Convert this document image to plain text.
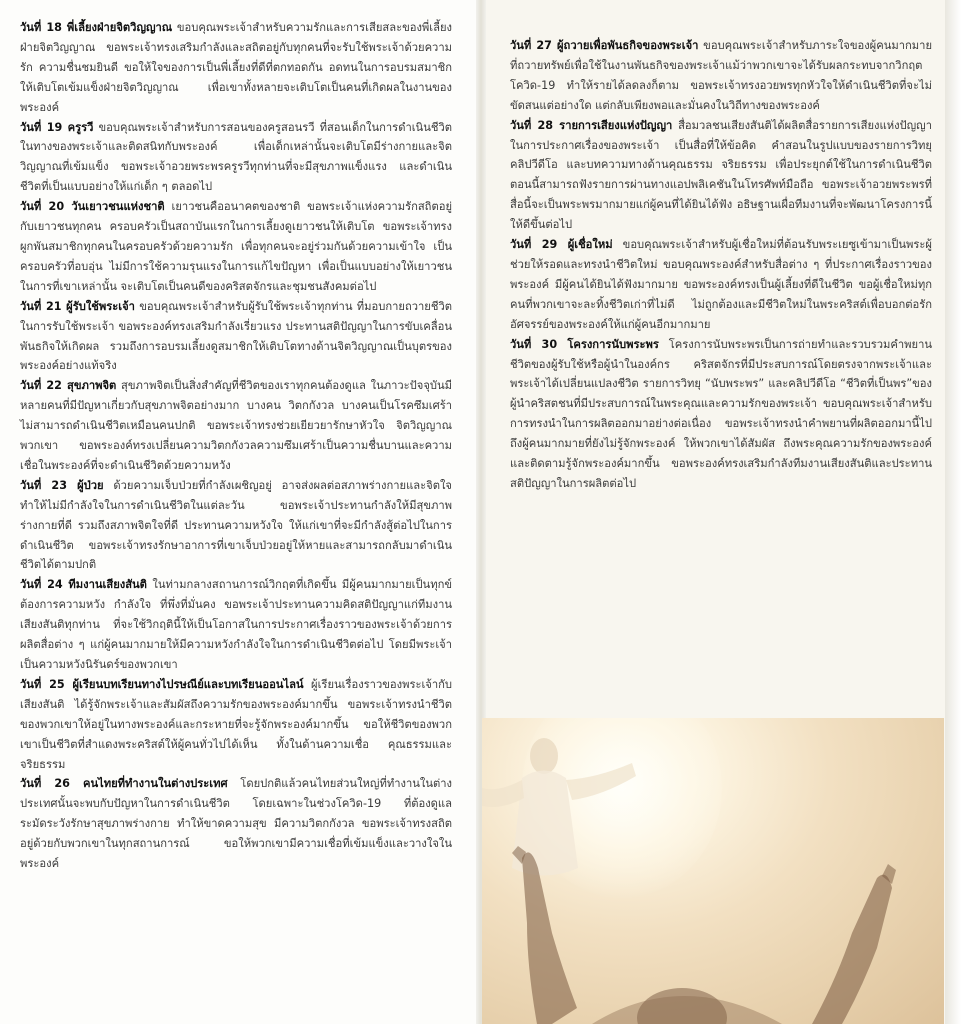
วันที่ 18 พี่เลี้ยงฝ่ายจิตวิญญาณ ขอบคุณพระเจ้าสำหรับความรักและการเสียสละของพี่เลี้ยงฝ่ายจิตวิญญาณ ขอพระเจ้าทรงเสริมกำลังและสถิตอยู่กับทุกคนที่จะรับใช้พระเจ้าด้วยความรัก ความชื่นชมยินดี ขอให้ใจของการเป็นพี่เลี้ยงที่ดีที่ตกทอดกัน อดทนในการอบรมสมาชิกให้เติบโตเข้มแข็งฝ่ายจิตวิญญาณ เพื่อเขาทั้งหลายจะเติบโตเป็นคนที่เกิดผลในงานของพระองค์

วันที่ 19 ครูรวี ขอบคุณพระเจ้าสำหรับการสอนของครูสอนรวี ที่สอนเด็กในการดำเนินชีวิตในทางของพระเจ้าและติดสนิทกับพระองค์ เพื่อเด็กเหล่านั้นจะเติบโตมีร่างกายและจิตวิญญาณที่เข้มแข็ง ขอพระเจ้าอวยพระพรครูรวีทุกท่านที่จะมีสุขภาพแข็งแรง และดำเนินชีวิตที่เป็นแบบอย่างให้แก่เด็ก ๆ ตลอดไป

วันที่ 20 วันเยาวชนแห่งชาติ เยาวชนคืออนาคตของชาติ ขอพระเจ้าแห่งความรักสถิตอยู่กับเยาวชนทุกคน ครอบครัวเป็นสถาบันแรกในการเลี้ยงดูเยาวชนให้เติบโต ขอพระเจ้าทรงผูกพันสมาชิกทุกคนในครอบครัวด้วยความรัก เพื่อทุกคนจะอยู่ร่วมกันด้วยความเข้าใจ เป็นครอบครัวที่อบอุ่น ไม่มีการใช้ความรุนแรงในการแก้ไขปัญหา เพื่อเป็นแบบอย่างให้เยาวชน ในการที่เขาเหล่านั้น จะเติบโตเป็นคนดีของคริสตจักรและชุมชนสังคมต่อไป

วันที่ 21 ผู้รับใช้พระเจ้า ขอบคุณพระเจ้าสำหรับผู้รับใช้พระเจ้าทุกท่าน ที่มอบกายถวายชีวิตในการรับใช้พระเจ้า ขอพระองค์ทรงเสริมกำลังเรี่ยวแรง ประทานสติปัญญาในการขับเคลื่อนพันธกิจให้เกิดผล รวมถึงการอบรมเลี้ยงดูสมาชิกให้เติบโตทางด้านจิตวิญญาณเป็นบุตรของพระองค์อย่างแท้จริง

วันที่ 22 สุขภาพจิต สุขภาพจิตเป็นสิ่งสำคัญที่ชีวิตของเราทุกคนต้องดูแล ในภาวะปัจจุบันมีหลายคนที่มีปัญหาเกี่ยวกับสุขภาพจิตอย่างมาก บางคน วิตกกังวล บางคนเป็นโรคซึมเศร้า ไม่สามารถดำเนินชีวิตเหมือนคนปกติ ขอพระเจ้าทรงช่วยเยียวยารักษาหัวใจ จิตวิญญาณพวกเขา ขอพระองค์ทรงเปลี่ยนความวิตกกังวลความซึมเศร้าเป็นความชื่นบานและความเชื่อในพระองค์ที่จะดำเนินชีวิตด้วยความหวัง

วันที่ 23 ผู้ป่วย ด้วยความเจ็บป่วยที่กำลังเผชิญอยู่ อาจส่งผลต่อสภาพร่างกายและจิตใจ ทำให้ไม่มีกำลังใจในการดำเนินชีวิตในแต่ละวัน ขอพระเจ้าประทานกำลังให้มีสุขภาพร่างกายที่ดี รวมถึงสภาพจิตใจที่ดี ประทานความหวังใจ ให้แก่เขาที่จะมีกำลังสู้ต่อไปในการดำเนินชีวิต ขอพระเจ้าทรงรักษาอาการที่เขาเจ็บป่วยอยู่ให้หายและสามารถกลับมาดำเนินชีวิตได้ตามปกติ

วันที่ 24 ทีมงานเสียงสันติ ในท่ามกลางสถานการณ์วิกฤตที่เกิดขึ้น มีผู้คนมากมายเป็นทุกข์ต้องการความหวัง กำลังใจ ที่พึ่งที่มั่นคง ขอพระเจ้าประทานความคิดสติปัญญาแก่ทีมงานเสียงสันติทุกท่าน ที่จะใช้วิกฤตินี้ให้เป็นโอกาสในการประกาศเรื่องราวของพระเจ้าด้วยการผลิตสื่อต่าง ๆ แก่ผู้คนมากมายให้มีความหวังกำลังใจในการดำเนินชีวิตต่อไป โดยมีพระเจ้าเป็นความหวังนิรันดร์ของพวกเขา

วันที่ 25 ผู้เรียนบทเรียนทางไปรษณีย์และบทเรียนออนไลน์ ผู้เรียนเรื่องราวของพระเจ้ากับเสียงสันติ ได้รู้จักพระเจ้าและสัมผัสถึงความรักของพระองค์มากขึ้น ขอพระเจ้าทรงนำชีวิตของพวกเขาให้อยู่ในทางพระองค์และกระหายที่จะรู้จักพระองค์มากขึ้น ขอให้ชีวิตของพวกเขาเป็นชีวิตที่สำแดงพระคริสต์ให้ผู้คนทั่วไปได้เห็น ทั้งในด้านความเชื่อ คุณธรรมและจริยธรรม

วันที่ 26 คนไทยที่ทำงานในต่างประเทศ โดยปกติแล้วคนไทยส่วนใหญ่ที่ทำงานในต่างประเทศนั้นจะพบกับปัญหาในการดำเนินชีวิต โดยเฉพาะในช่วงโควิด-19 ที่ต้องดูแล ระมัดระวังรักษาสุขภาพร่างกาย ทำให้ขาดความสุข มีความวิตกกังวล ขอพระเจ้าทรงสถิตอยู่ด้วยกับพวกเขาในทุกสถานการณ์ ขอให้พวกเขามีความเชื่อที่เข้มแข็งและวางใจในพระองค์

วันที่ 27 ผู้ถวายเพื่อพันธกิจของพระเจ้า ขอบคุณพระเจ้าสำหรับภาระใจของผู้คนมากมายที่ถวายทรัพย์เพื่อใช้ในงานพันธกิจของพระเจ้าแม้ว่าพวกเขาจะได้รับผลกระทบจากวิกฤตโควิด-19 ทำให้รายได้ลดลงก็ตาม ขอพระเจ้าทรงอวยพรทุกหัวใจให้ดำเนินชีวิตที่จะไม่ขัดสนแต่อย่างใด แต่กลับเพียงพอและมั่นคงในวิถีทางของพระองค์

วันที่ 28 รายการเสียงแห่งปัญญา สื่อมวลชนเสียงสันติได้ผลิตสื่อรายการเสียงแห่งปัญญาในการประกาศเรื่องของพระเจ้า เป็นสื่อที่ให้ข้อคิด คำสอนในรูปแบบของรายการวิทยุ คลิปวีดีโอ และบทความทางด้านคุณธรรม จริยธรรม เพื่อประยุกต์ใช้ในการดำเนินชีวิต ตอนนี้สามารถฟังรายการผ่านทางแอปพลิเคชันในโทรศัพท์มือถือ ขอพระเจ้าอวยพระพรที่สื่อนี้จะเป็นพระพรมากมายแก่ผู้คนที่ได้ยินได้ฟัง อธิษฐานเผื่อทีมงานที่จะพัฒนาโครงการนี้ให้ดีขึ้นต่อไป

วันที่ 29 ผู้เชื่อใหม่ ขอบคุณพระเจ้าสำหรับผู้เชื่อใหม่ที่ต้อนรับพระเยซูเข้ามาเป็นพระผู้ช่วยให้รอดและทรงนำชีวิตใหม่ ขอบคุณพระองค์สำหรับสื่อต่าง ๆ ที่ประกาศเรื่องราวของพระองค์ มีผู้คนได้ยินได้ฟังมากมาย ขอพระองค์ทรงเป็นผู้เลี้ยงที่ดีในชีวิต ขอผู้เชื่อใหม่ทุกคนที่พวกเขาจะละทิ้งชีวิตเก่าที่ไม่ดี ไม่ถูกต้องและมีชีวิตใหม่ในพระคริสต์เพื่อบอกต่อรักอัศจรรย์ของพระองค์ให้แก่ผู้คนอีกมากมาย

วันที่ 30 โครงการนับพระพร โครงการนับพระพรเป็นการถ่ายทำและรวบรวมคำพยานชีวิตของผู้รับใช้หรือผู้นำในองค์กร คริสตจักรที่มีประสบการณ์โดยตรงจากพระเจ้าและพระเจ้าได้เปลี่ยนแปลงชีวิต รายการวิทยุ “นับพระพร” และคลิปวีดีโอ “ชีวิตที่เป็นพร”ของผู้นำคริสตชนที่มีประสบการณ์ในพระคุณและความรักของพระเจ้า ขอบคุณพระเจ้าสำหรับการทรงนำในการผลิตออกมาอย่างต่อเนื่อง ขอพระเจ้าทรงนำคำพยานที่ผลิตออกมานี้ไปถึงผู้คนมากมายที่ยังไม่รู้จักพระองค์ ให้พวกเขาได้สัมผัส ถึงพระคุณความรักของพระองค์และติดตามรู้จักพระองค์มากขึ้น ขอพระองค์ทรงเสริมกำลังทีมงานเสียงสันติและประทานสติปัญญาในการผลิตต่อไป
